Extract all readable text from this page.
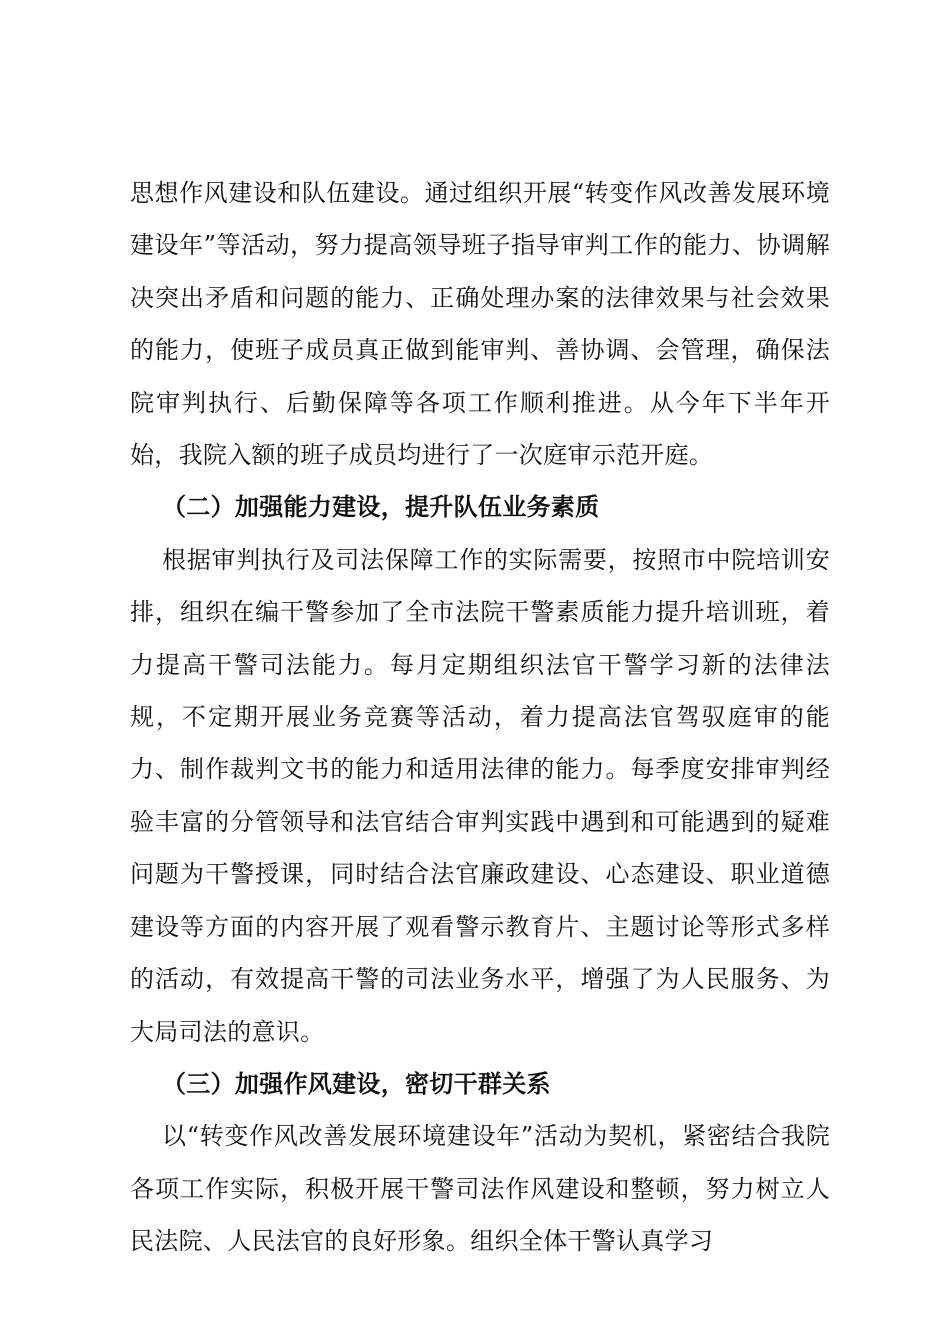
思想作风建设和队伍建设。通过组织开展“转变作风改善发展环境建设年”等活动，努力提高领导班子指导审判工作的能力、协调解决突出矛盾和问题的能力、正确处理办案的法律效果与社会效果的能力，使班子成员真正做到能审判、善协调、会管理，确保法院审判执行、后勤保障等各项工作顺利推进。从今年下半年开始，我院入额的班子成员均进行了一次庭审示范开庭。

（二）加强能力建设，提升队伍业务素质

根据审判执行及司法保障工作的实际需要，按照市中院培训安排，组织在编干警参加了全市法院干警素质能力提升培训班，着力提高干警司法能力。每月定期组织法官干警学习新的法律法规，不定期开展业务竞赛等活动，着力提高法官驾驭庭审的能力、制作裁判文书的能力和适用法律的能力。每季度安排审判经验丰富的分管领导和法官结合审判实践中遇到和可能遇到的疑难问题为干警授课，同时结合法官廉政建设、心态建设、职业道德建设等方面的内容开展了观看警示教育片、主题讨论等形式多样的活动，有效提高干警的司法业务水平，增强了为人民服务、为大局司法的意识。

（三）加强作风建设，密切干群关系

以“转变作风改善发展环境建设年”活动为契机，紧密结合我院各项工作实际，积极开展干警司法作风建设和整顿，努力树立人民法院、人民法官的良好形象。组织全体干警认真学习
